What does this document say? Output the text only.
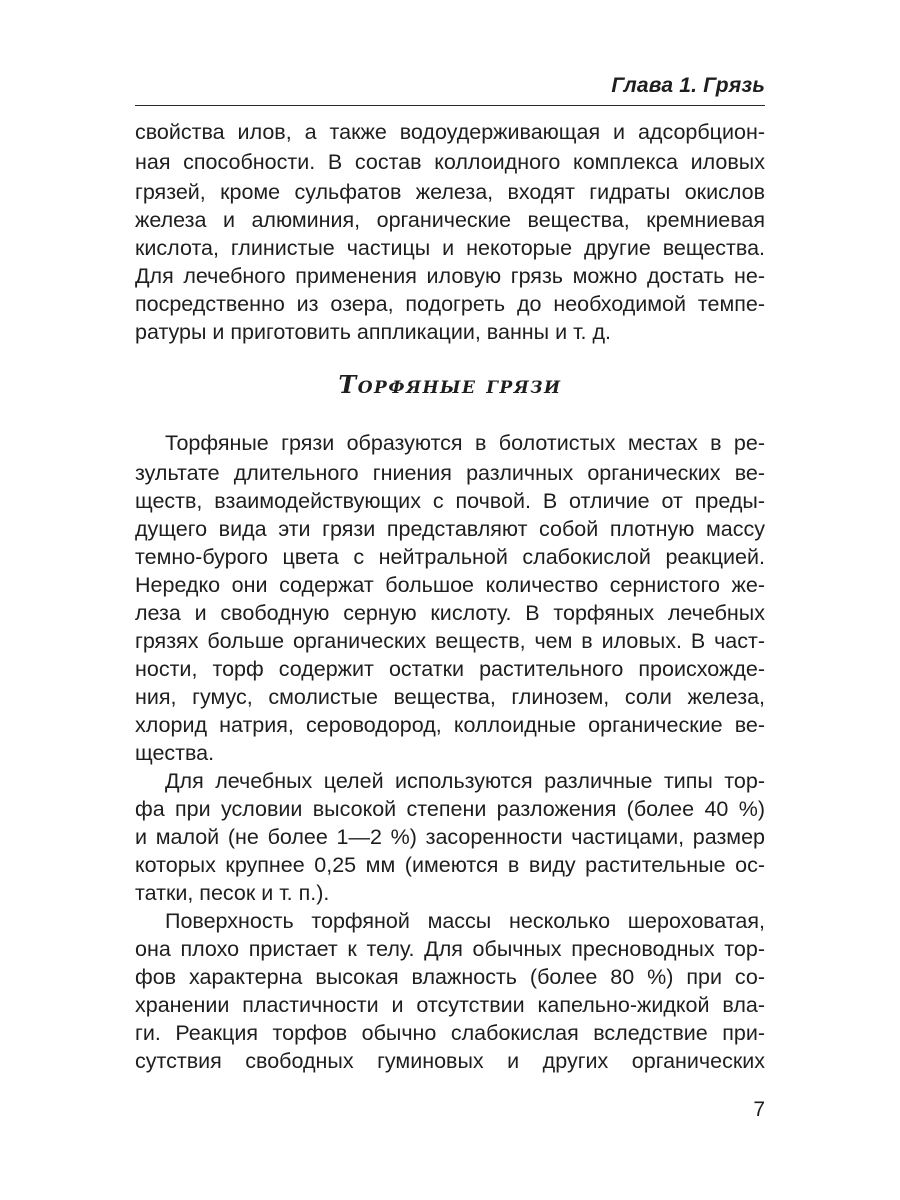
Глава 1. Грязь
свойства илов, а также водоудерживающая и адсорбцион-
ная способности. В состав коллоидного комплекса иловых
грязей, кроме сульфатов железа, входят гидраты окислов
железа и алюминия, органические вещества, кремниевая
кислота, глинистые частицы и некоторые другие вещества.
Для лечебного применения иловую грязь можно достать не-
посредственно из озера, подогреть до необходимой темпе-
ратуры и приготовить аппликации, ванны и т. д.
Торфяные грязи
Торфяные грязи образуются в болотистых местах в ре-
зультате длительного гниения различных органических ве-
ществ, взаимодействующих с почвой. В отличие от преды-
дущего вида эти грязи представляют собой плотную массу
темно-бурого цвета с нейтральной слабокислой реакцией.
Нередко они содержат большое количество сернистого же-
леза и свободную серную кислоту. В торфяных лечебных
грязях больше органических веществ, чем в иловых. В част-
ности, торф содержит остатки растительного происхожде-
ния, гумус, смолистые вещества, глинозем, соли железа,
хлорид натрия, сероводород, коллоидные органические ве-
щества.
Для лечебных целей используются различные типы тор-
фа при условии высокой степени разложения (более 40 %)
и малой (не более 1—2 %) засоренности частицами, размер
которых крупнее 0,25 мм (имеются в виду растительные ос-
татки, песок и т. п.).
Поверхность торфяной массы несколько шероховатая,
она плохо пристает к телу. Для обычных пресноводных тор-
фов характерна высокая влажность (более 80 %) при со-
хранении пластичности и отсутствии капельно-жидкой вла-
ги. Реакция торфов обычно слабокислая вследствие при-
сутствия свободных гуминовых и других органических
7
